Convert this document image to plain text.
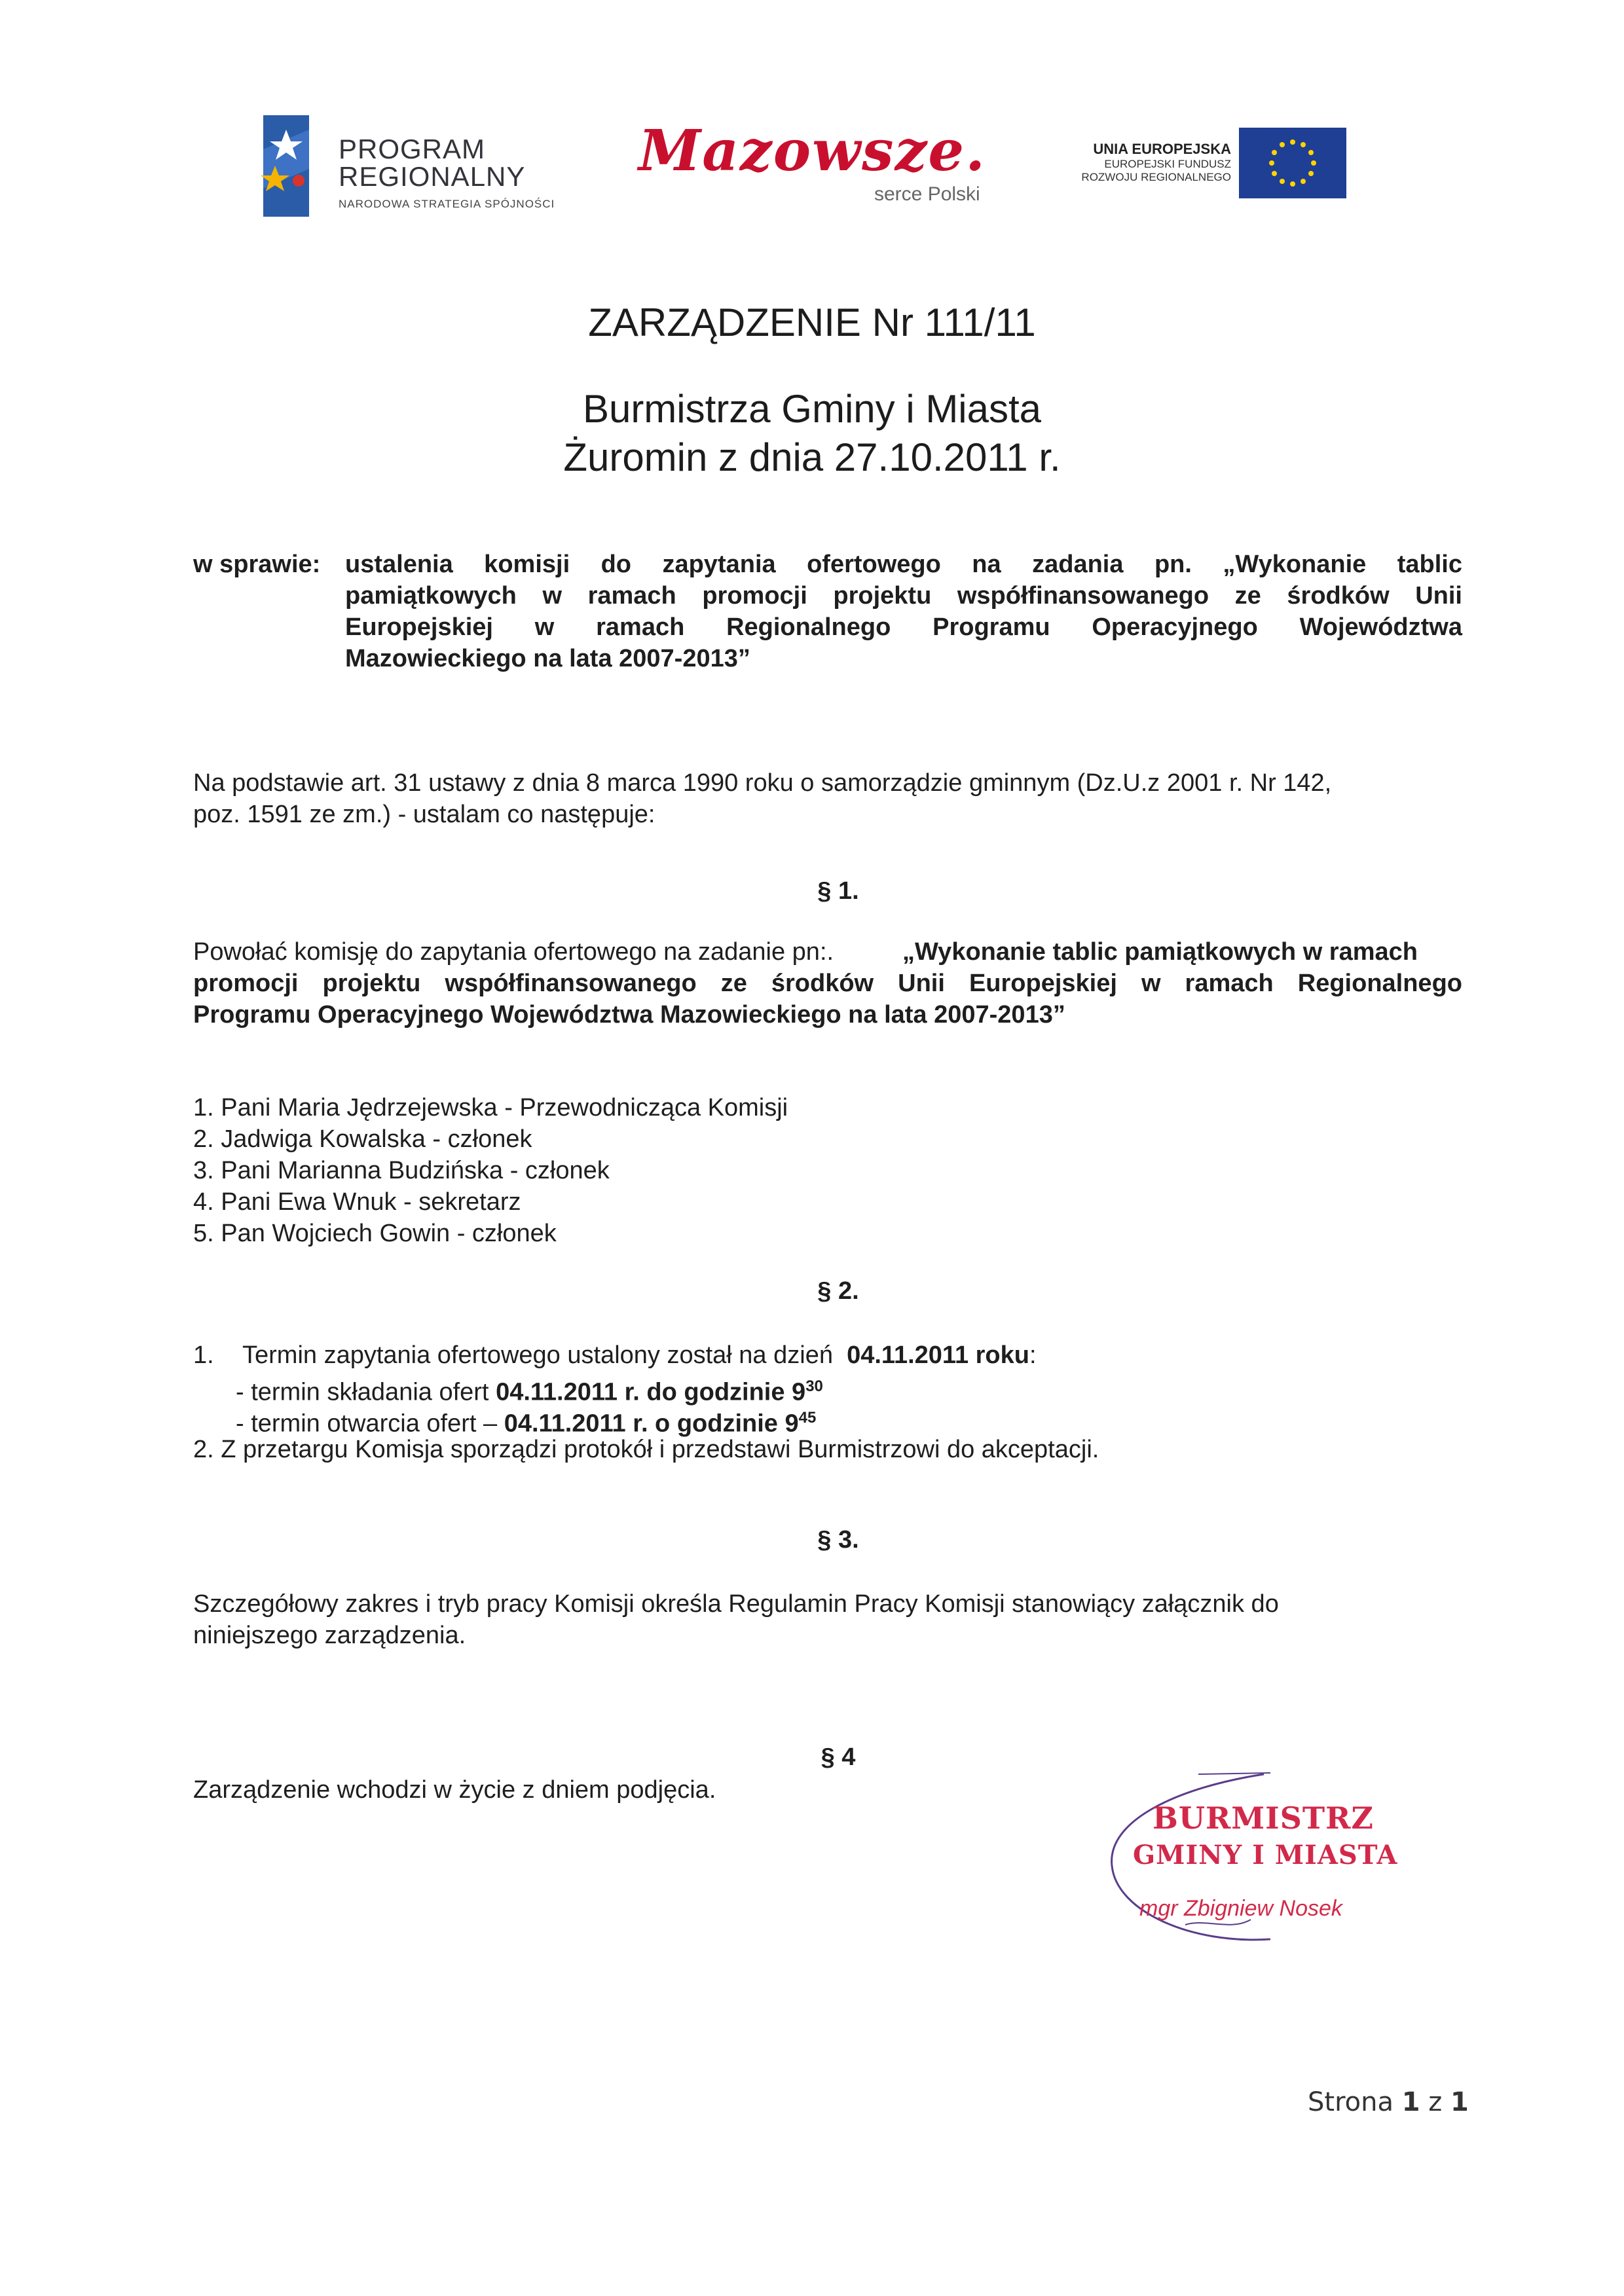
PROGRAM
REGIONALNY
NARODOWA STRATEGIA SPÓJNOŚCI
Mazowsze.
serce Polski
UNIA EUROPEJSKA
EUROPEJSKI FUNDUSZ
ROZWOJU REGIONALNEGO
ZARZĄDZENIE Nr 111/11
Burmistrza Gminy i Miasta
Żuromin z dnia 27.10.2011 r.
w sprawie: ustalenia komisji do zapytania ofertowego na zadania pn. „Wykonanie tablic
pamiątkowych w ramach promocji projektu współfinansowanego ze środków Unii
Europejskiej w ramach Regionalnego Programu Operacyjnego Województwa
Mazowieckiego na lata 2007-2013”
Na podstawie art. 31 ustawy z dnia 8 marca 1990 roku o samorządzie gminnym (Dz.U.z 2001 r. Nr 142,
poz. 1591 ze zm.) - ustalam co następuje:
§ 1.
Powołać komisję do zapytania ofertowego na zadanie pn:.	„Wykonanie tablic pamiątkowych w ramach
promocji projektu współfinansowanego ze środków Unii Europejskiej w ramach Regionalnego
Programu Operacyjnego Województwa Mazowieckiego na lata 2007-2013”
1. Pani Maria Jędrzejewska - Przewodnicząca Komisji
2. Jadwiga Kowalska - członek
3. Pani Marianna Budzińska - członek
4. Pani Ewa Wnuk - sekretarz
5. Pan Wojciech Gowin - członek
§ 2.
1. Termin zapytania ofertowego ustalony został na dzień 04.11.2011 roku:
- termin składania ofert 04.11.2011 r. do godzinie $9^{30}$
- termin otwarcia ofert – 04.11.2011 r. o godzinie $9^{45}$
2. Z przetargu Komisja sporządzi protokół i przedstawi Burmistrzowi do akceptacji.
§ 3.
Szczegółowy zakres i tryb pracy Komisji określa Regulamin Pracy Komisji stanowiący załącznik do
niniejszego zarządzenia.
§ 4
Zarządzenie wchodzi w życie z dniem podjęcia.
BURMISTRZ
GMINY I MIASTA
mgr Zbigniew Nosek
Strona 1 z 1
